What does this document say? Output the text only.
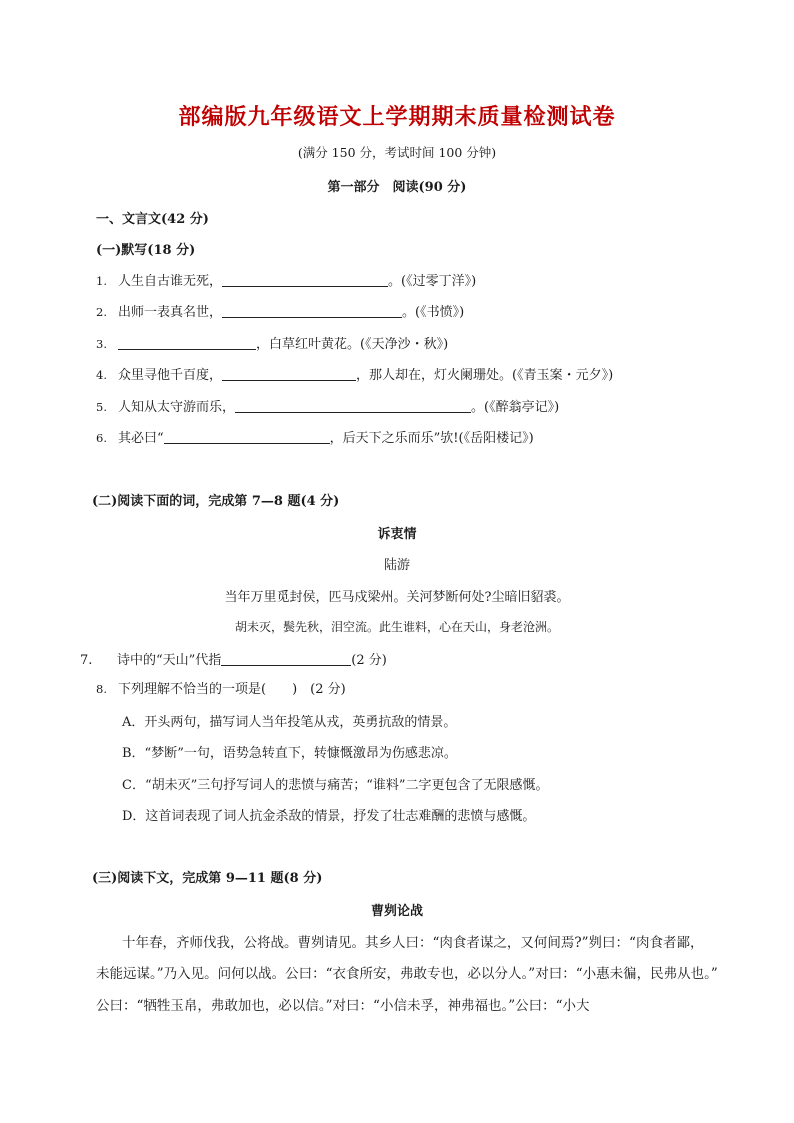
部编版九年级语文上学期期末质量检测试卷
(满分 150 分，考试时间 100 分钟)
第一部分　阅读(90 分)
一、文言文(42 分)
(一)默写(18 分)
1. 人生自古谁无死，	。(《过零丁洋》)
2. 出师一表真名世，	。(《书愤》)
3.	，白草红叶黄花。(《天净沙・秋》)
4. 众里寻他千百度，	，那人却在，灯火阑珊处。(《青玉案・元夕》)
5. 人知从太守游而乐，	。(《醉翁亭记》)
6. 其必曰“	，后天下之乐而乐”欤!(《岳阳楼记》)
(二)阅读下面的词，完成第 7—8 题(4 分)
诉衷情
陆游
当年万里觅封侯，匹马戍梁州。关河梦断何处?尘暗旧貂裘。
胡未灭，鬓先秋，泪空流。此生谁料，心在天山，身老沧洲。
7. 诗中的“天山”代指	(2 分)
8. 下列理解不恰当的一项是(　　)　(2 分)
A．开头两句，描写词人当年投笔从戎，英勇抗敌的情景。
B．“梦断”一句，语势急转直下，转慷慨激昂为伤感悲凉。
C．“胡未灭”三句抒写词人的悲愤与痛苦；“谁料”二字更包含了无限感慨。
D．这首词表现了词人抗金杀敌的情景，抒发了壮志难酬的悲愤与感慨。
(三)阅读下文，完成第 9—11 题(8 分)
曹刿论战
十年春，齐师伐我，公将战。曹刿请见。其乡人曰：“肉食者谋之，又何间焉?”刿曰：“肉食者鄙，
未能远谋。”乃入见。问何以战。公曰：“衣食所安，弗敢专也，必以分人。”对曰：“小惠未徧，民弗从也。”
公曰：“牺牲玉帛，弗敢加也，必以信。”对曰：“小信未孚，神弗福也。”公曰：“小大
